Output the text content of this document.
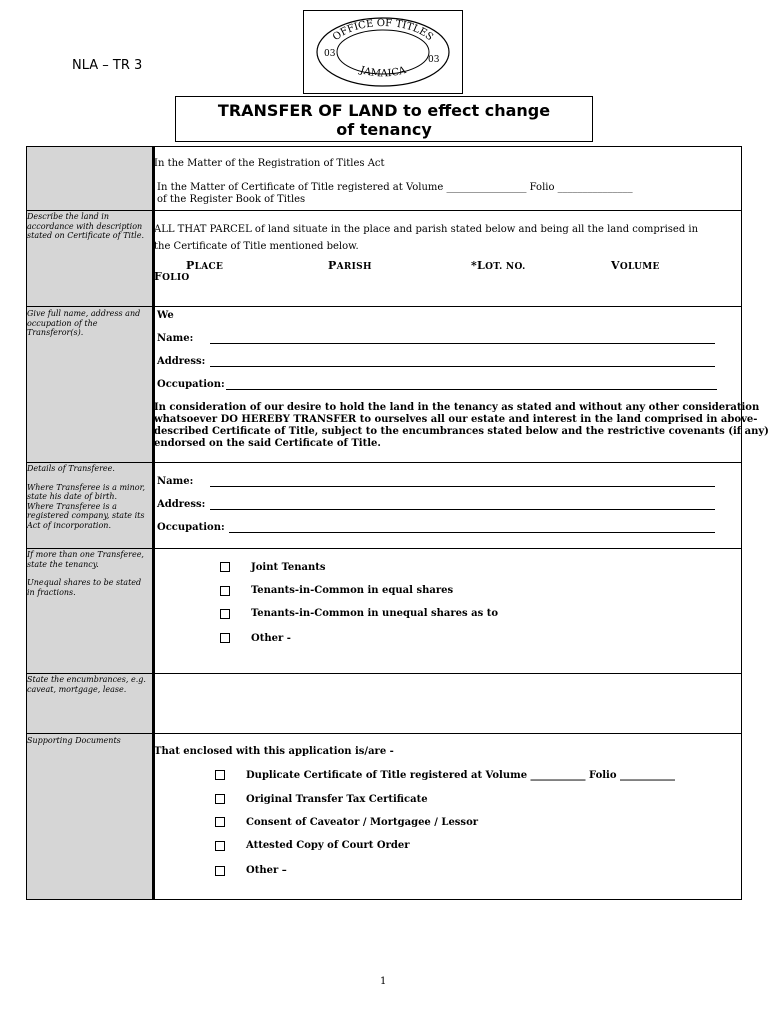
NLA – TR 3
OFFICE OF TITLES
JAMAICA
03
03
TRANSFER OF LAND to effect change
of tenancy
In the Matter of the Registration of Titles Act
In the Matter of Certificate of Title registered at Volume ________________ Folio _______________
of the Register Book of Titles
Describe the land in accordance with description stated on Certificate of Title.
ALL THAT PARCEL of land situate in the place and parish stated below and being all the land comprised in
the Certificate of Title mentioned below.
PLACE	PARISH	*LOT. NO.	VOLUME
FOLIO
Give full name, address and occupation of the Transferor(s).
We
Name:
Address:
Occupation:
In consideration of our desire to hold the land in the tenancy as stated and without any other consideration
whatsoever DO HEREBY TRANSFER to ourselves all our estate and interest in the land comprised in above-
described Certificate of Title, subject to the encumbrances stated below and the restrictive covenants (if any)
endorsed on the said Certificate of Title.
Details of Transferee.
Where Transferee is a minor, state his date of birth.
Where Transferee is a registered company, state its Act of incorporation.
Name:
Address:
Occupation:
If more than one Transferee, state the tenancy.
Unequal shares to be stated in fractions.
Joint Tenants
Tenants-in-Common in equal shares
Tenants-in-Common in unequal shares as to
Other -
State the encumbrances, e.g. caveat, mortgage, lease.
Supporting Documents
That enclosed with this application is/are -
Duplicate Certificate of Title registered at Volume ___________ Folio ___________
Original Transfer Tax Certificate
Consent of Caveator / Mortgagee / Lessor
Attested Copy of Court Order
Other –
1
